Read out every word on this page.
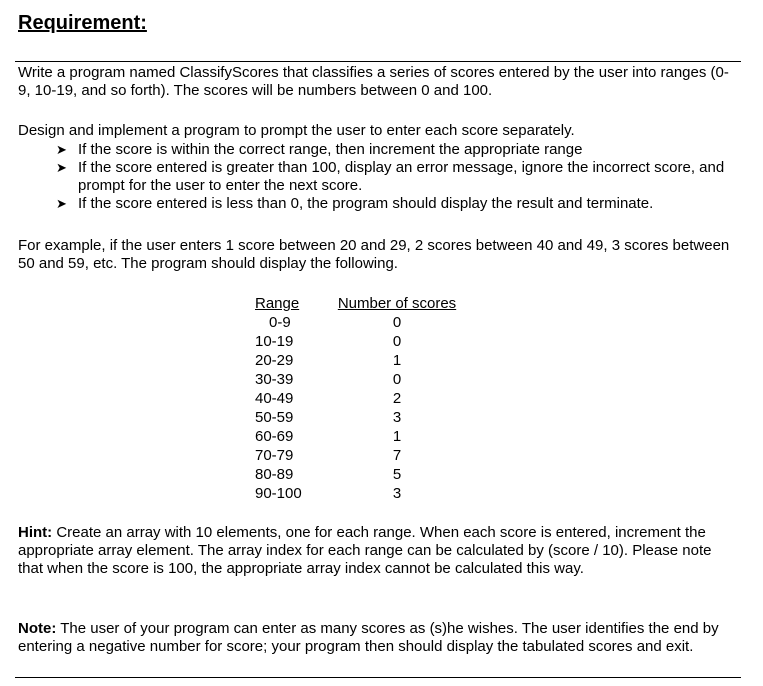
Requirement:

Write a program named ClassifyScores that classifies a series of scores entered by the user into ranges (0-9, 10-19, and so forth). The scores will be numbers between 0 and 100.

Design and implement a program to prompt the user to enter each score separately.

➤ If the score is within the correct range, then increment the appropriate range
➤ If the score entered is greater than 100, display an error message, ignore the incorrect score, and prompt for the user to enter the next score.
➤ If the score entered is less than 0, the program should display the result and terminate.

For example, if the user enters 1 score between 20 and 29, 2 scores between 40 and 49, 3 scores between 50 and 59, etc. The program should display the following.

Range	Number of scores
0-9	0
10-19	0
20-29	1
30-39	0
40-49	2
50-59	3
60-69	1
70-79	7
80-89	5
90-100	3

Hint: Create an array with 10 elements, one for each range. When each score is entered, increment the appropriate array element. The array index for each range can be calculated by (score / 10). Please note that when the score is 100, the appropriate array index cannot be calculated this way.

Note: The user of your program can enter as many scores as (s)he wishes. The user identifies the end by entering a negative number for score; your program then should display the tabulated scores and exit.
